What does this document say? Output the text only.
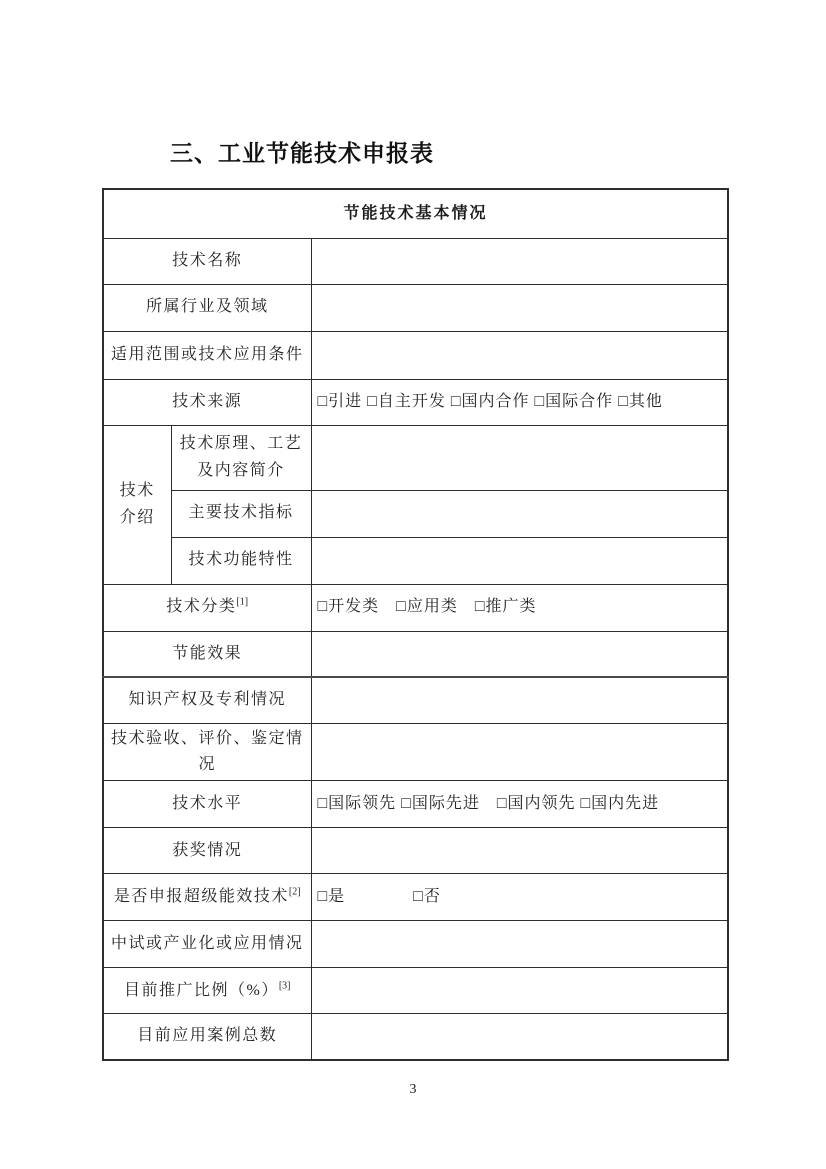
三、工业节能技术申报表
节能技术基本情况		
技术名称		
所属行业及领域		
适用范围或技术应用条件		
技术来源		□引进 □自主开发 □国内合作 □国际合作 □其他

技术
介绍	技术原理、工艺及内容简介	
	主要技术指标	
	技术功能特性	
技术分类[1]		□开发类　□应用类　□推广类
节能效果		
知识产权及专利情况		
技术验收、评价、鉴定情况		
技术水平		□国际领先 □国际先进　□国内领先 □国内先进
获奖情况		
是否申报超级能效技术[2]		□是　　　　□否
中试或产业化或应用情况		
目前推广比例（%）[3]	
目前应用案例总数		
3
